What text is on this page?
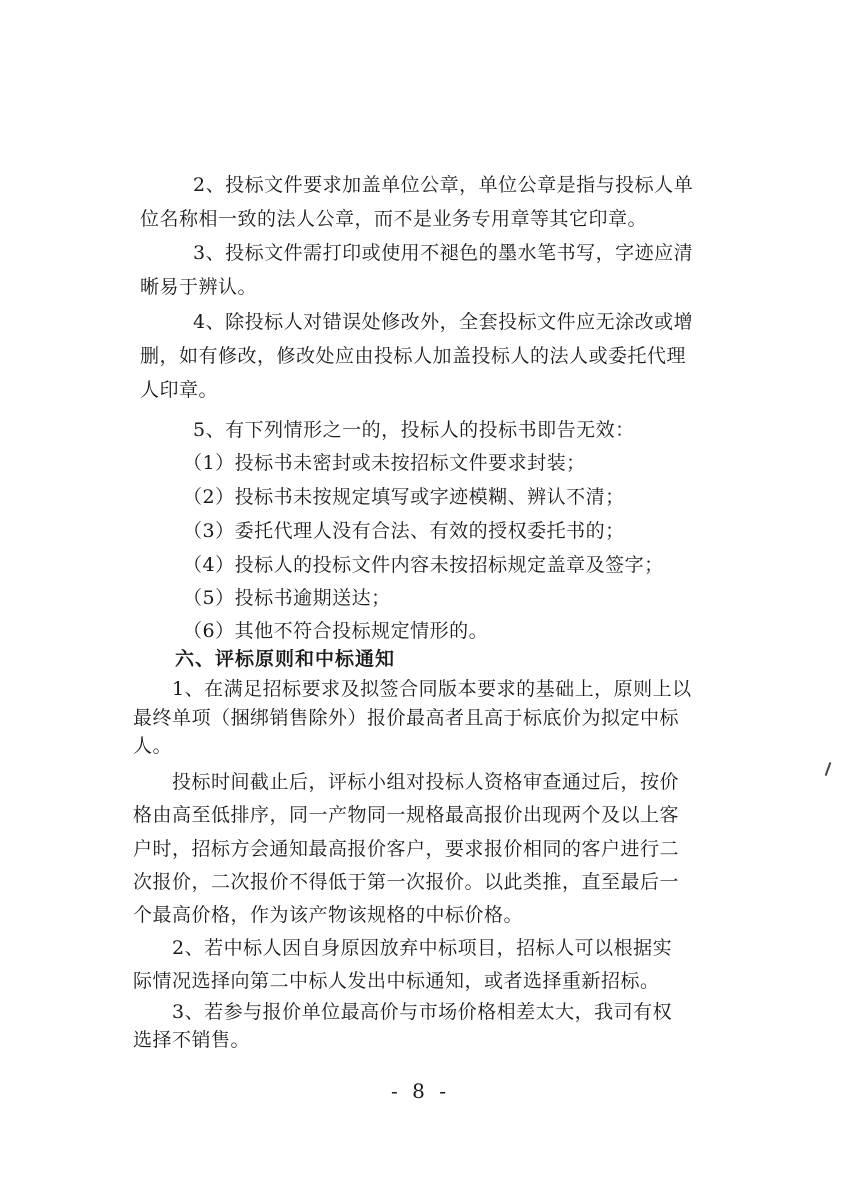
2、投标文件要求加盖单位公章，单位公章是指与投标人单

位名称相一致的法人公章，而不是业务专用章等其它印章。

3、投标文件需打印或使用不褪色的墨水笔书写，字迹应清

晰易于辨认。

4、除投标人对错误处修改外，全套投标文件应无涂改或增

删，如有修改，修改处应由投标人加盖投标人的法人或委托代理

人印章。

5、有下列情形之一的，投标人的投标书即告无效：

（1）投标书未密封或未按招标文件要求封装；

（2）投标书未按规定填写或字迹模糊、辨认不清；

（3）委托代理人没有合法、有效的授权委托书的；

（4）投标人的投标文件内容未按招标规定盖章及签字；

（5）投标书逾期送达；

（6）其他不符合投标规定情形的。

六、评标原则和中标通知

1、在满足招标要求及拟签合同版本要求的基础上，原则上以

最终单项（捆绑销售除外）报价最高者且高于标底价为拟定中标

人。

投标时间截止后，评标小组对投标人资格审查通过后，按价

格由高至低排序，同一产物同一规格最高报价出现两个及以上客

户时，招标方会通知最高报价客户，要求报价相同的客户进行二

次报价，二次报价不得低于第一次报价。以此类推，直至最后一

个最高价格，作为该产物该规格的中标价格。

2、若中标人因自身原因放弃中标项目，招标人可以根据实

际情况选择向第二中标人发出中标通知，或者选择重新招标。

3、若参与报价单位最高价与市场价格相差太大，我司有权

选择不销售。

- 8 -
